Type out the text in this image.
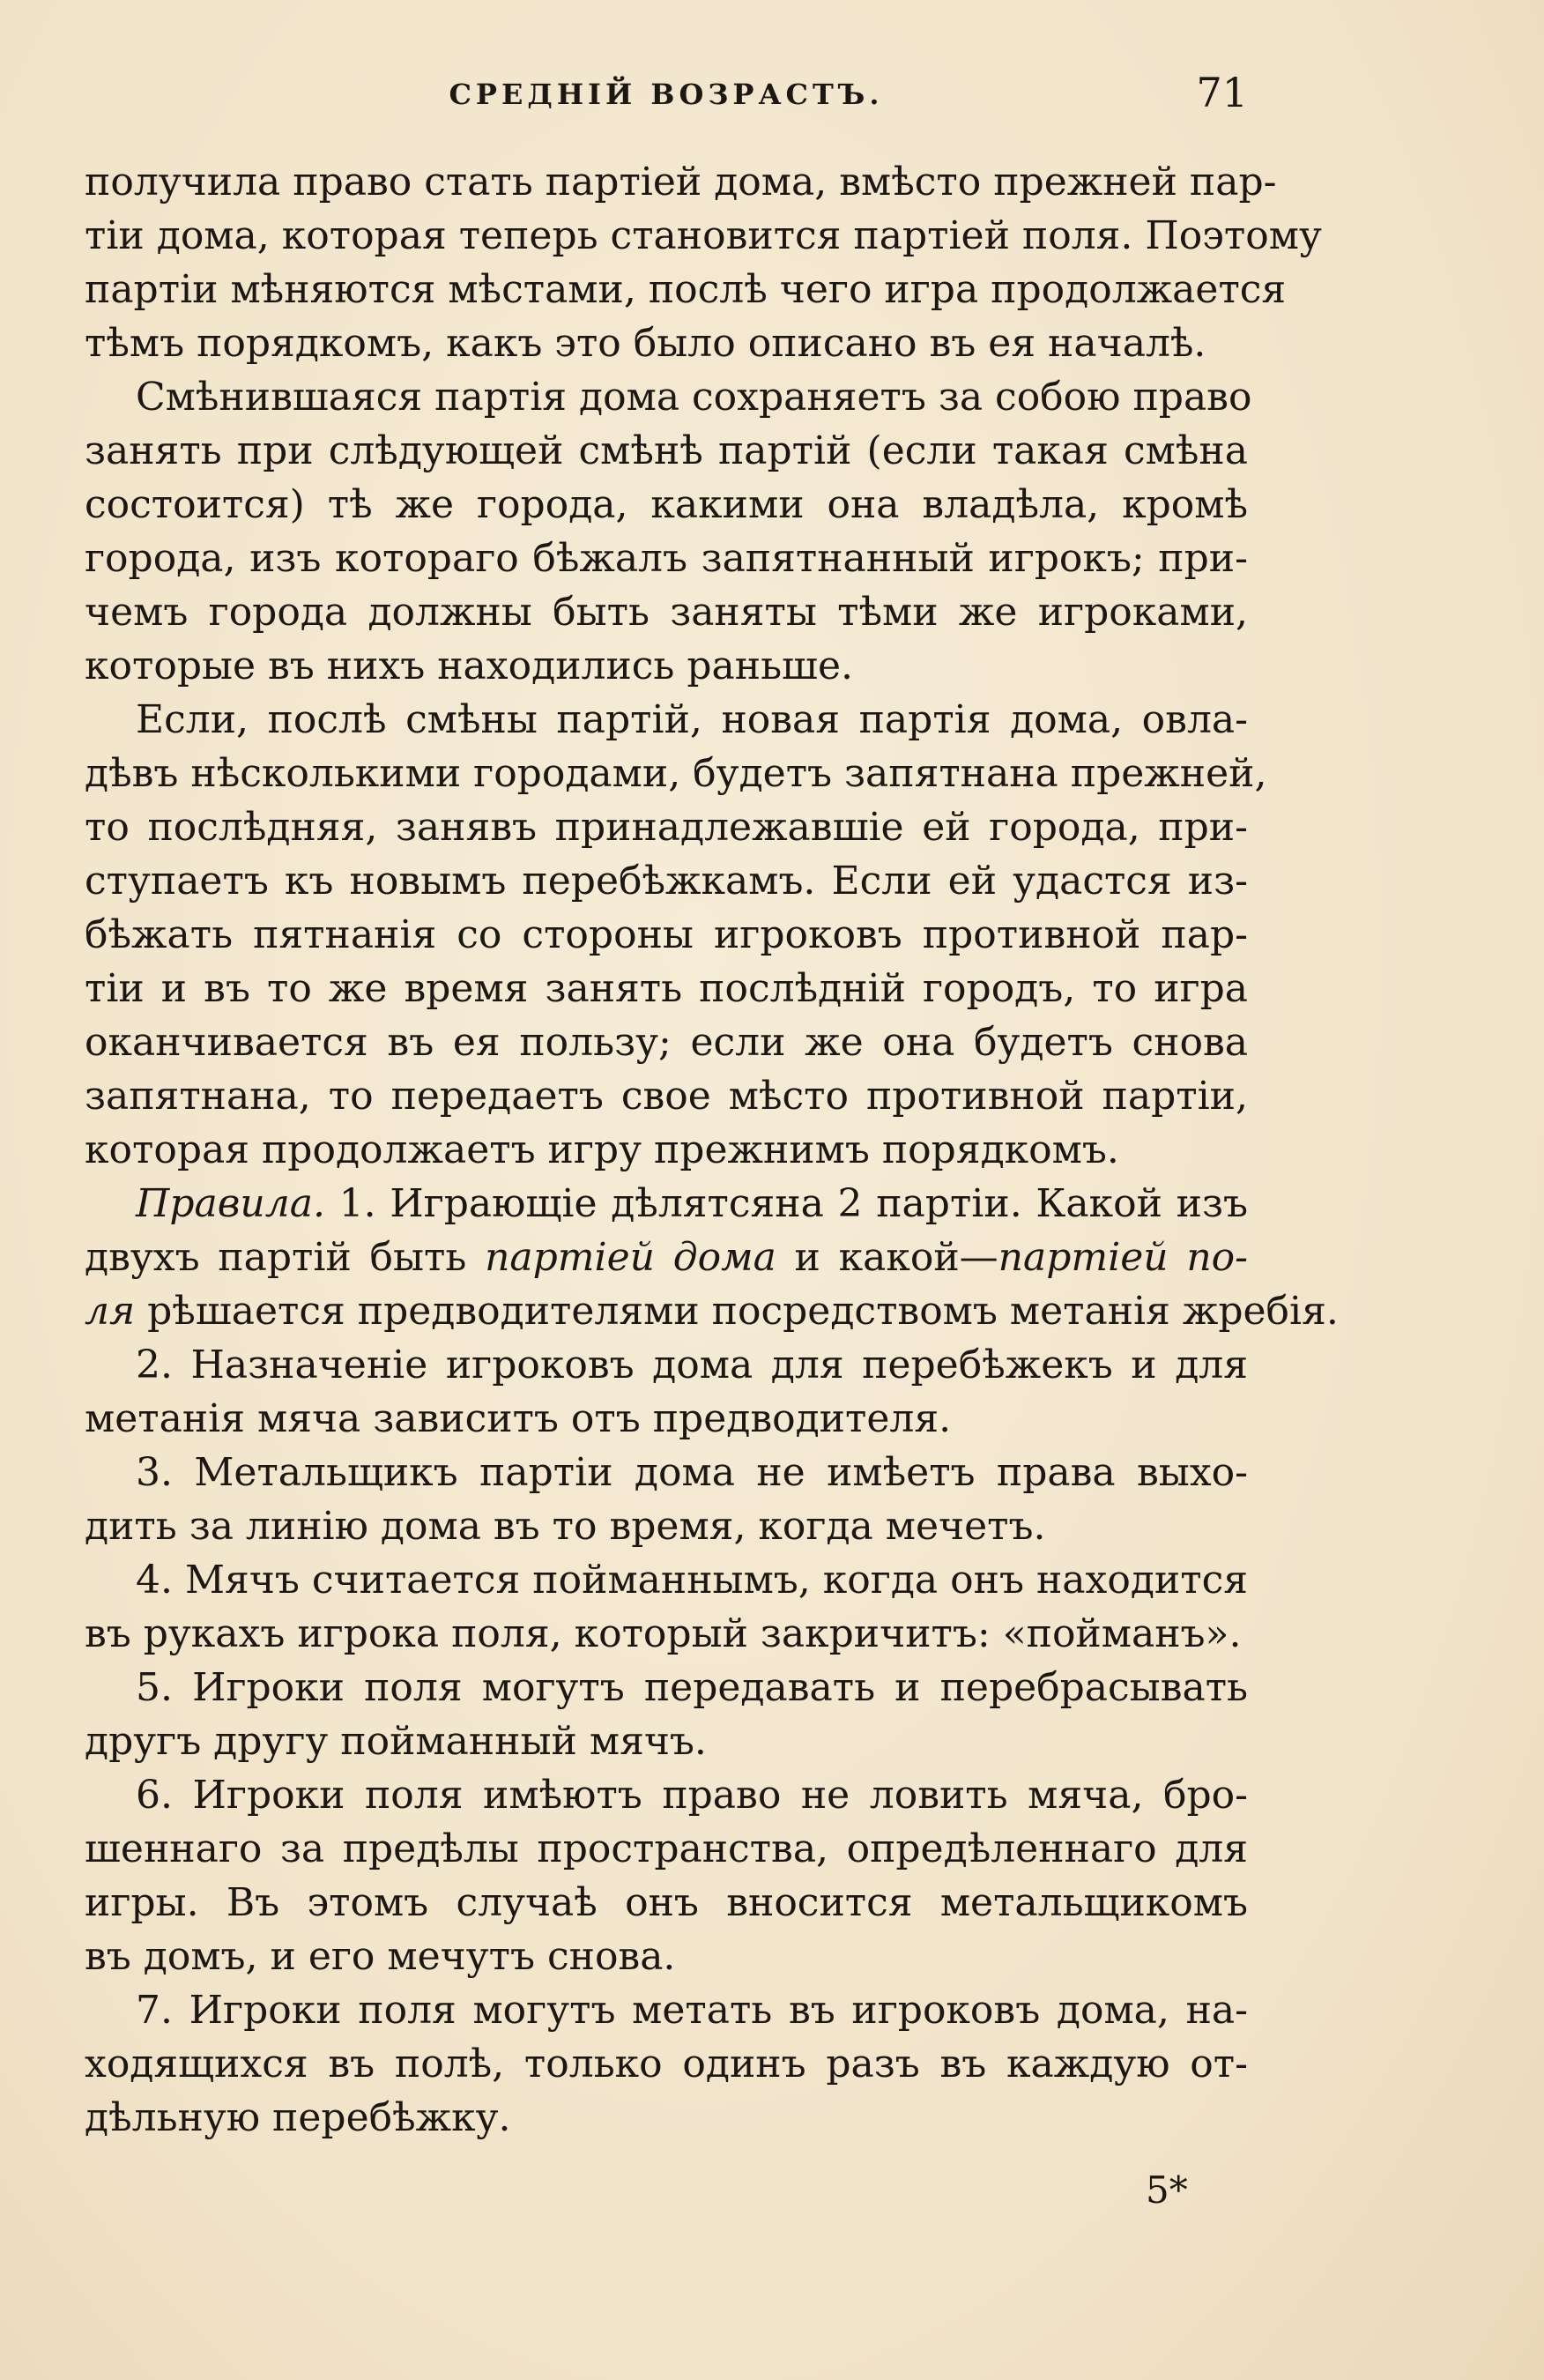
СРЕДНІЙ ВОЗРАСТЪ.	71
получила право стать партіей дома, вмѣсто прежней пар-
тіи дома, которая теперь становится партіей поля. Поэтому
партіи мѣняются мѣстами, послѣ чего игра продолжается
тѣмъ порядкомъ, какъ это было описано въ ея началѣ.
Смѣнившаяся партія дома сохраняетъ за собою право
занять при слѣдующей смѣнѣ партій (если такая смѣна
состоится) тѣ же города, какими она владѣла, кромѣ
города, изъ котораго бѣжалъ запятнанный игрокъ; при-
чемъ города должны быть заняты тѣми же игроками,
которые въ нихъ находились раньше.
Если, послѣ смѣны партій, новая партія дома, овла-
дѣвъ нѣсколькими городами, будетъ запятнана прежней,
то послѣдняя, занявъ принадлежавшіе ей города, при-
ступаетъ къ новымъ перебѣжкамъ. Если ей удастся из-
бѣжать пятнанія со стороны игроковъ противной пар-
тіи и въ то же время занять послѣдній городъ, то игра
оканчивается въ ея пользу; если же она будетъ снова
запятнана, то передаетъ свое мѣсто противной партіи,
которая продолжаетъ игру прежнимъ порядкомъ.
Правила. 1. Играющіе дѣлятсяна 2 партіи. Какой изъ
двухъ партій быть партіей дома и какой—партіей по-
ля рѣшается предводителями посредствомъ метанія жребія.
2. Назначеніе игроковъ дома для перебѣжекъ и для
метанія мяча зависитъ отъ предводителя.
3. Метальщикъ партіи дома не имѣетъ права выхо-
дить за линію дома въ то время, когда мечетъ.
4. Мячъ считается пойманнымъ, когда онъ находится
въ рукахъ игрока поля, который закричитъ: «пойманъ».
5. Игроки поля могутъ передавать и перебрасывать
другъ другу пойманный мячъ.
6. Игроки поля имѣютъ право не ловить мяча, бро-
шеннаго за предѣлы пространства, опредѣленнаго для
игры. Въ этомъ случаѣ онъ вносится метальщикомъ
въ домъ, и его мечутъ снова.
7. Игроки поля могутъ метать въ игроковъ дома, на-
ходящихся въ полѣ, только одинъ разъ въ каждую от-
дѣльную перебѣжку.
5*
